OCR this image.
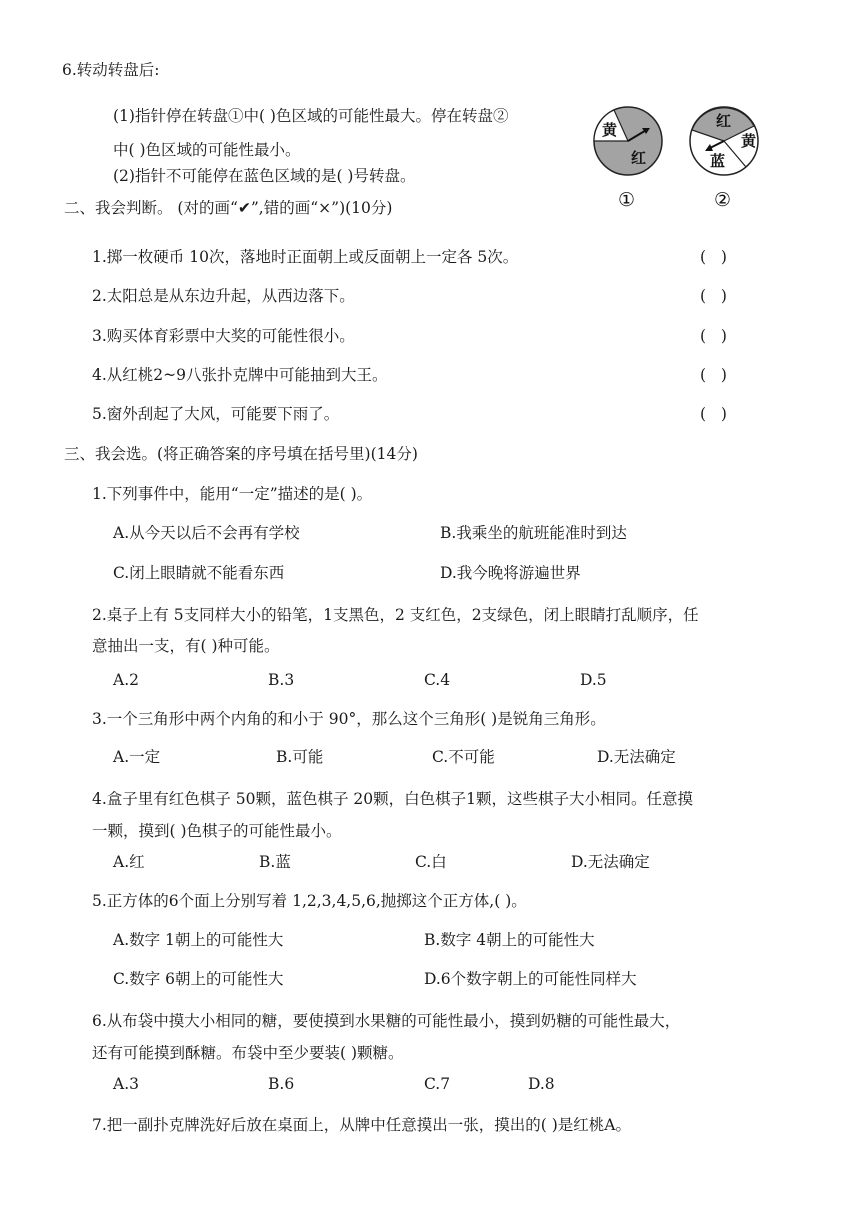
6.转动转盘后:
(1)指针停在转盘①中( )色区域的可能性最大。停在转盘②
中( )色区域的可能性最小。
(2)指针不可能停在蓝色区域的是( )号转盘。
黄
红
①
红
黄
蓝
②
二、我会判断。 (对的画“✔”,错的画“×”)(10分)
1.掷一枚硬币 10次，落地时正面朝上或反面朝上一定各 5次。	(   )
2.太阳总是从东边升起，从西边落下。	(   )
3.购买体育彩票中大奖的可能性很小。	(   )
4.从红桃2~9八张扑克牌中可能抽到大王。	(   )
5.窗外刮起了大风，可能要下雨了。	(   )
三、我会选。(将正确答案的序号填在括号里)(14分)
1.下列事件中，能用“一定”描述的是( )。
A.从今天以后不会再有学校	B.我乘坐的航班能准时到达
C.闭上眼睛就不能看东西	D.我今晚将游遍世界
2.桌子上有 5支同样大小的铅笔，1支黑色，2 支红色，2支绿色，闭上眼睛打乱顺序，任
意抽出一支，有( )种可能。
A.2	B.3	C.4	D.5
3.一个三角形中两个内角的和小于 90°，那么这个三角形( )是锐角三角形。
A.一定	B.可能	C.不可能	D.无法确定
4.盒子里有红色棋子 50颗，蓝色棋子 20颗，白色棋子1颗，这些棋子大小相同。任意摸
一颗，摸到( )色棋子的可能性最小。
A.红	B.蓝	C.白	D.无法确定
5.正方体的6个面上分别写着 1,2,3,4,5,6,抛掷这个正方体,( )。
A.数字 1朝上的可能性大	B.数字 4朝上的可能性大
C.数字 6朝上的可能性大	D.6个数字朝上的可能性同样大
6.从布袋中摸大小相同的糖，要使摸到水果糖的可能性最小，摸到奶糖的可能性最大，
还有可能摸到酥糖。布袋中至少要装( )颗糖。
A.3	B.6	C.7	D.8
7.把一副扑克牌洗好后放在桌面上，从牌中任意摸出一张，摸出的( )是红桃A。
